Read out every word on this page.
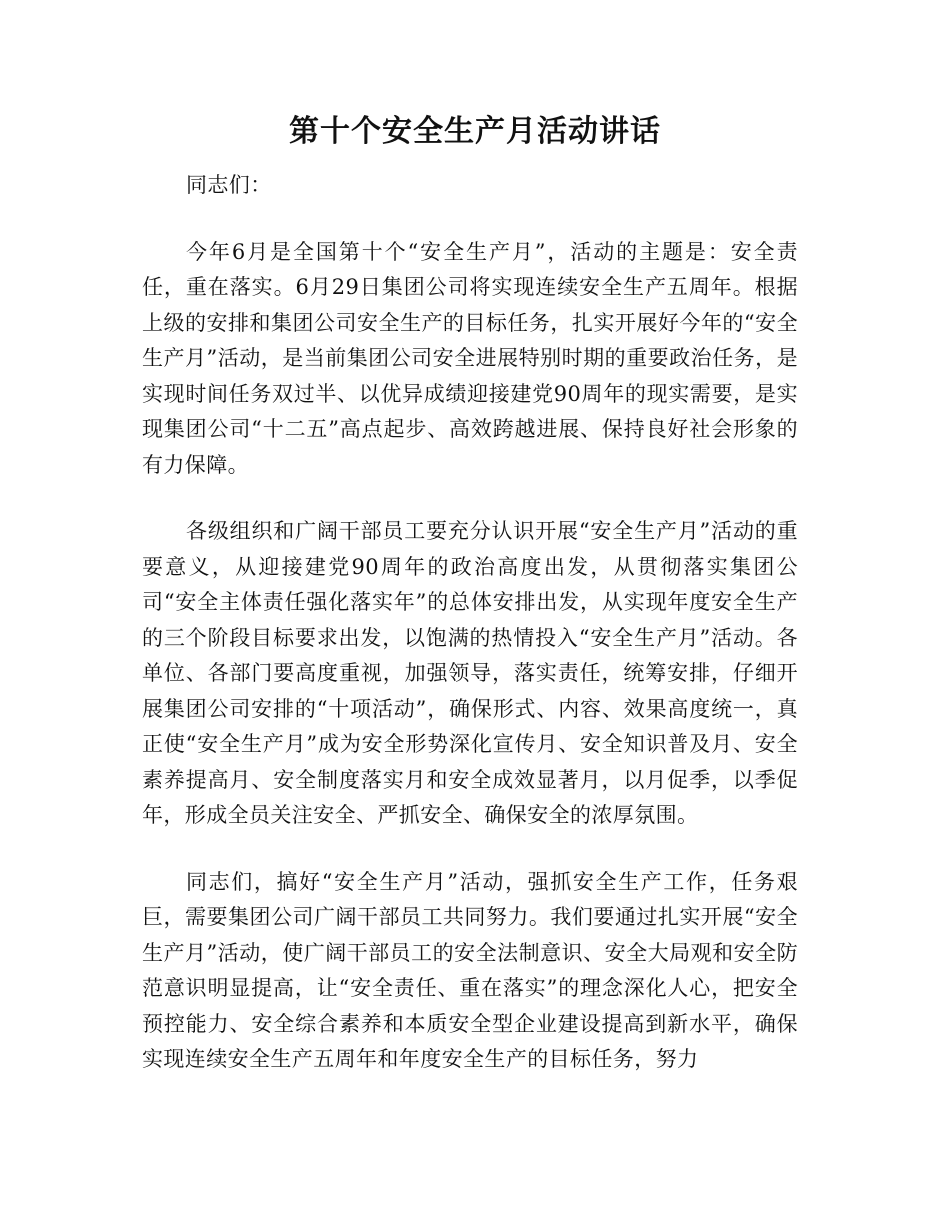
第十个安全生产月活动讲话

同志们：

今年6月是全国第十个“安全生产月”，活动的主题是：安全责任，重在落实。6月29日集团公司将实现连续安全生产五周年。根据上级的安排和集团公司安全生产的目标任务，扎实开展好今年的“安全生产月”活动，是当前集团公司安全进展特别时期的重要政治任务，是实现时间任务双过半、以优异成绩迎接建党90周年的现实需要，是实现集团公司“十二五”高点起步、高效跨越进展、保持良好社会形象的有力保障。

各级组织和广阔干部员工要充分认识开展“安全生产月”活动的重要意义，从迎接建党90周年的政治高度出发，从贯彻落实集团公司“安全主体责任强化落实年”的总体安排出发，从实现年度安全生产的三个阶段目标要求出发，以饱满的热情投入“安全生产月”活动。各单位、各部门要高度重视，加强领导，落实责任，统筹安排，仔细开展集团公司安排的“十项活动”，确保形式、内容、效果高度统一，真正使“安全生产月”成为安全形势深化宣传月、安全知识普及月、安全素养提高月、安全制度落实月和安全成效显著月，以月促季，以季促年，形成全员关注安全、严抓安全、确保安全的浓厚氛围。

同志们，搞好“安全生产月”活动，强抓安全生产工作，任务艰巨，需要集团公司广阔干部员工共同努力。我们要通过扎实开展“安全生产月”活动，使广阔干部员工的安全法制意识、安全大局观和安全防范意识明显提高，让“安全责任、重在落实”的理念深化人心，把安全预控能力、安全综合素养和本质安全型企业建设提高到新水平，确保实现连续安全生产五周年和年度安全生产的目标任务，努力
